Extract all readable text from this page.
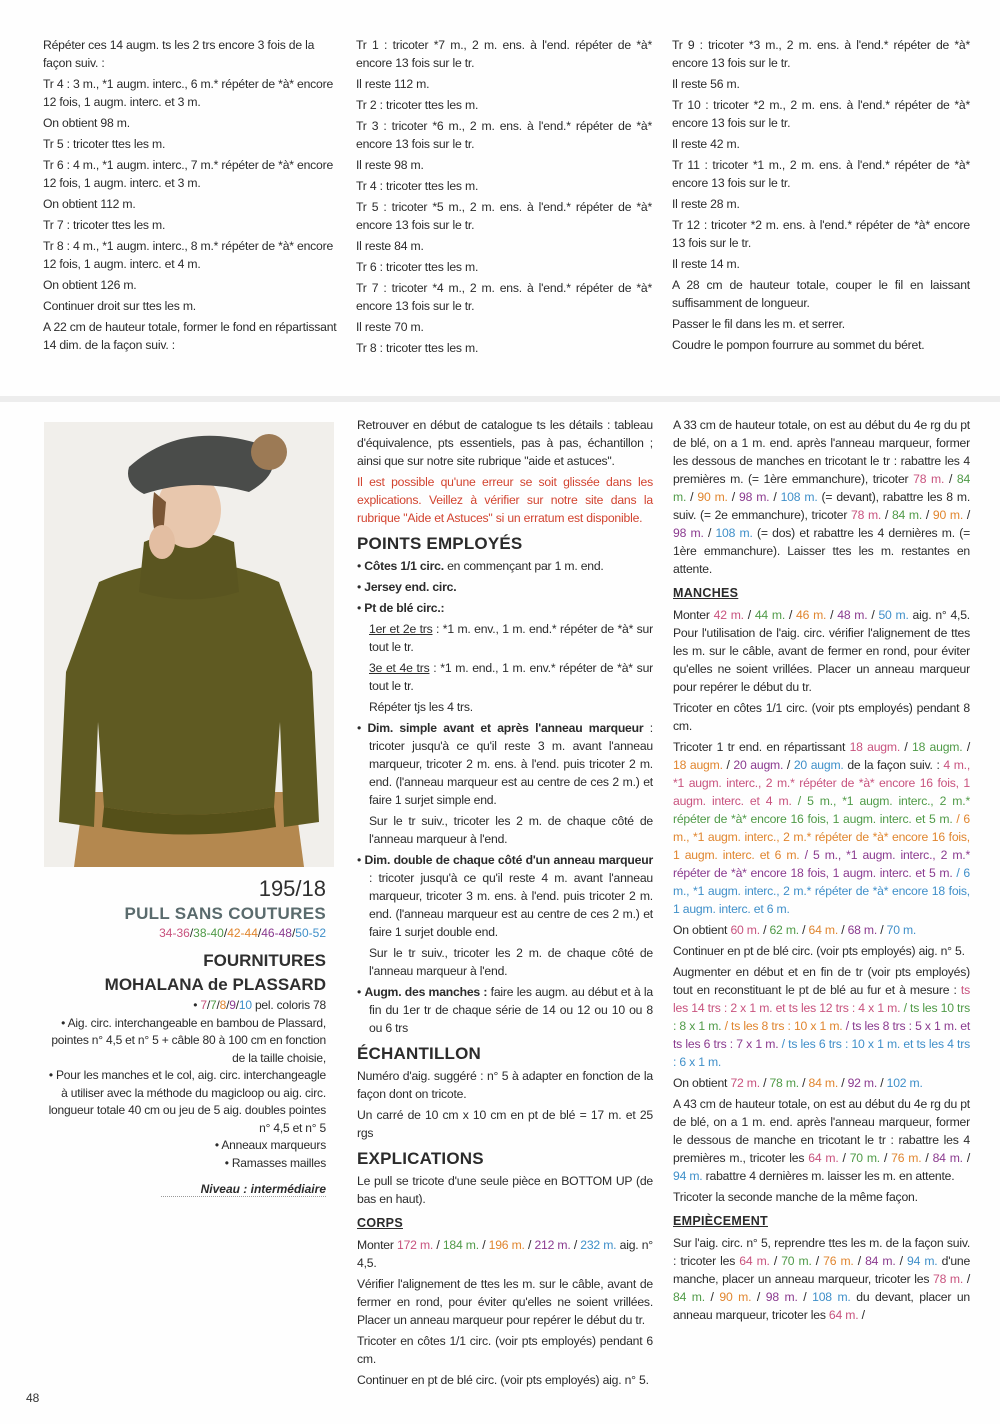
Répéter ces 14 augm. ts les 2 trs encore 3 fois de la façon suiv. :

Tr 4 : 3 m., *1 augm. interc., 6 m.* répéter de *à* encore 12 fois, 1 augm. interc. et 3 m.

On obtient 98 m.

Tr 5 : tricoter ttes les m.

Tr 6 : 4 m., *1 augm. interc., 7 m.* répéter de *à* encore 12 fois, 1 augm. interc. et 3 m.

On obtient 112 m.

Tr 7 : tricoter ttes les m.

Tr 8 : 4 m., *1 augm. interc., 8 m.* répéter de *à* encore 12 fois, 1 augm. interc. et 4 m.

On obtient 126 m.

Continuer droit sur ttes les m.

A 22 cm de hauteur totale, former le fond en répartissant 14 dim. de la façon suiv. :

Tr 1 : tricoter *7 m., 2 m. ens. à l'end. répéter de *à* encore 13 fois sur le tr.

Il reste 112 m.

Tr 2 : tricoter ttes les m.

Tr 3 : tricoter *6 m., 2 m. ens. à l'end.* répéter de *à* encore 13 fois sur le tr.

Il reste 98 m.

Tr 4 : tricoter ttes les m.

Tr 5 : tricoter *5 m., 2 m. ens. à l'end.* répéter de *à* encore 13 fois sur le tr.

Il reste 84 m.

Tr 6 : tricoter ttes les m.

Tr 7 : tricoter *4 m., 2 m. ens. à l'end.* répéter de *à* encore 13 fois sur le tr.

Il reste 70 m.

Tr 8 : tricoter ttes les m.

Tr 9 : tricoter *3 m., 2 m. ens. à l'end.* répéter de *à* encore 13 fois sur le tr.

Il reste 56 m.

Tr 10 : tricoter *2 m., 2 m. ens. à l'end.* répéter de *à* encore 13 fois sur le tr.

Il reste 42 m.

Tr 11 : tricoter *1 m., 2 m. ens. à l'end.* répéter de *à* encore 13 fois sur le tr.

Il reste 28 m.

Tr 12 : tricoter *2 m. ens. à l'end.* répéter de *à* encore 13 fois sur le tr.

Il reste 14 m.

A 28 cm de hauteur totale, couper le fil en laissant suffisamment de longueur.

Passer le fil dans les m. et serrer.

Coudre le pompon fourrure au sommet du béret.

195/18
PULL SANS COUTURES
34-36/38-40/42-44/46-48/50-52
FOURNITURES
MOHALANA de PLASSARD
• 7/7/8/9/10 pel. coloris 78
• Aig. circ. interchangeable en bambou de Plassard, pointes n° 4,5 et n° 5 + câble 80 à 100 cm en fonction de la taille choisie,
• Pour les manches et le col, aig. circ. interchangeagle à utiliser avec la méthode du magicloop ou aig. circ. longueur totale 40 cm ou jeu de 5 aig. doubles pointes n° 4,5 et n° 5
• Anneaux marqueurs
• Ramasses mailles
Niveau : intermédiaire

Retrouver en début de catalogue ts les détails : tableau d'équivalence, pts essentiels, pas à pas, échantillon ; ainsi que sur notre site rubrique "aide et astuces".

Il est possible qu'une erreur se soit glissée dans les explications. Veillez à vérifier sur notre site dans la rubrique "Aide et Astuces" si un erratum est disponible.

POINTS EMPLOYÉS

• Côtes 1/1 circ. en commençant par 1 m. end.

• Jersey end. circ.

• Pt de blé circ.:

1er et 2e trs : *1 m. env., 1 m. end.* répéter de *à* sur tout le tr.

3e et 4e trs : *1 m. end., 1 m. env.* répéter de *à* sur tout le tr.

Répéter tjs les 4 trs.

• Dim. simple avant et après l'anneau marqueur : tricoter jusqu'à ce qu'il reste 3 m. avant l'anneau marqueur, tricoter 2 m. ens. à l'end. puis tricoter 2 m. end. (l'anneau marqueur est au centre de ces 2 m.) et faire 1 surjet simple end.

Sur le tr suiv., tricoter les 2 m. de chaque côté de l'anneau marqueur à l'end.

• Dim. double de chaque côté d'un anneau marqueur : tricoter jusqu'à ce qu'il reste 4 m. avant l'anneau marqueur, tricoter 3 m. ens. à l'end. puis tricoter 2 m. end. (l'anneau marqueur est au centre de ces 2 m.) et faire 1 surjet double end.

Sur le tr suiv., tricoter les 2 m. de chaque côté de l'anneau marqueur à l'end.

• Augm. des manches : faire les augm. au début et à la fin du 1er tr de chaque série de 14 ou 12 ou 10 ou 8 ou 6 trs

ÉCHANTILLON

Numéro d'aig. suggéré : n° 5 à adapter en fonction de la façon dont on tricote.

Un carré de 10 cm x 10 cm en pt de blé = 17 m. et 25 rgs

EXPLICATIONS

Le pull se tricote d'une seule pièce en BOTTOM UP (de bas en haut).

CORPS

Monter 172 m. / 184 m. / 196 m. / 212 m. / 232 m. aig. n° 4,5.

Vérifier l'alignement de ttes les m. sur le câble, avant de fermer en rond, pour éviter qu'elles ne soient vrillées. Placer un anneau marqueur pour repérer le début du tr.

Tricoter en côtes 1/1 circ. (voir pts employés) pendant 6 cm.

Continuer en pt de blé circ. (voir pts employés) aig. n° 5.

A 33 cm de hauteur totale, on est au début du 4e rg du pt de blé, on a 1 m. end. après l'anneau marqueur, former les dessous de manches en tricotant le tr : rabattre les 4 premières m. (= 1ère emmanchure), tricoter 78 m. / 84 m. / 90 m. / 98 m. / 108 m. (= devant), rabattre les 8 m. suiv. (= 2e emmanchure), tricoter 78 m. / 84 m. / 90 m. / 98 m. / 108 m. (= dos) et rabattre les 4 dernières m. (= 1ère emmanchure). Laisser ttes les m. restantes en attente.

MANCHES

Monter 42 m. / 44 m. / 46 m. / 48 m. / 50 m. aig. n° 4,5. Pour l'utilisation de l'aig. circ. vérifier l'alignement de ttes les m. sur le câble, avant de fermer en rond, pour éviter qu'elles ne soient vrillées. Placer un anneau marqueur pour repérer le début du tr.

Tricoter en côtes 1/1 circ. (voir pts employés) pendant 8 cm.

Tricoter 1 tr end. en répartissant 18 augm. / 18 augm. / 18 augm. / 20 augm. / 20 augm. de la façon suiv. : 4 m., *1 augm. interc., 2 m.* répéter de *à* encore 16 fois, 1 augm. interc. et 4 m. / 5 m., *1 augm. interc., 2 m.* répéter de *à* encore 16 fois, 1 augm. interc. et 5 m. / 6 m., *1 augm. interc., 2 m.* répéter de *à* encore 16 fois, 1 augm. interc. et 6 m. / 5 m., *1 augm. interc., 2 m.* répéter de *à* encore 18 fois, 1 augm. interc. et 5 m. / 6 m., *1 augm. interc., 2 m.* répéter de *à* encore 18 fois, 1 augm. interc. et 6 m.

On obtient 60 m. / 62 m. / 64 m. / 68 m. / 70 m.

Continuer en pt de blé circ. (voir pts employés) aig. n° 5.

Augmenter en début et en fin de tr (voir pts employés) tout en reconstituant le pt de blé au fur et à mesure : ts les 14 trs : 2 x 1 m. et ts les 12 trs : 4 x 1 m. / ts les 10 trs : 8 x 1 m. / ts les 8 trs : 10 x 1 m. / ts les 8 trs : 5 x 1 m. et ts les 6 trs : 7 x 1 m. / ts les 6 trs : 10 x 1 m. et ts les 4 trs : 6 x 1 m.

On obtient 72 m. / 78 m. / 84 m. / 92 m. / 102 m.

A 43 cm de hauteur totale, on est au début du 4e rg du pt de blé, on a 1 m. end. après l'anneau marqueur, former le dessous de manche en tricotant le tr : rabattre les 4 premières m., tricoter les 64 m. / 70 m. / 76 m. / 84 m. / 94 m. rabattre 4 dernières m. laisser les m. en attente.

Tricoter la seconde manche de la même façon.

EMPIÈCEMENT

Sur l'aig. circ. n° 5, reprendre ttes les m. de la façon suiv. : tricoter les 64 m. / 70 m. / 76 m. / 84 m. / 94 m. d'une manche, placer un anneau marqueur, tricoter les 78 m. / 84 m. / 90 m. / 98 m. / 108 m. du devant, placer un anneau marqueur, tricoter les 64 m. /

48
